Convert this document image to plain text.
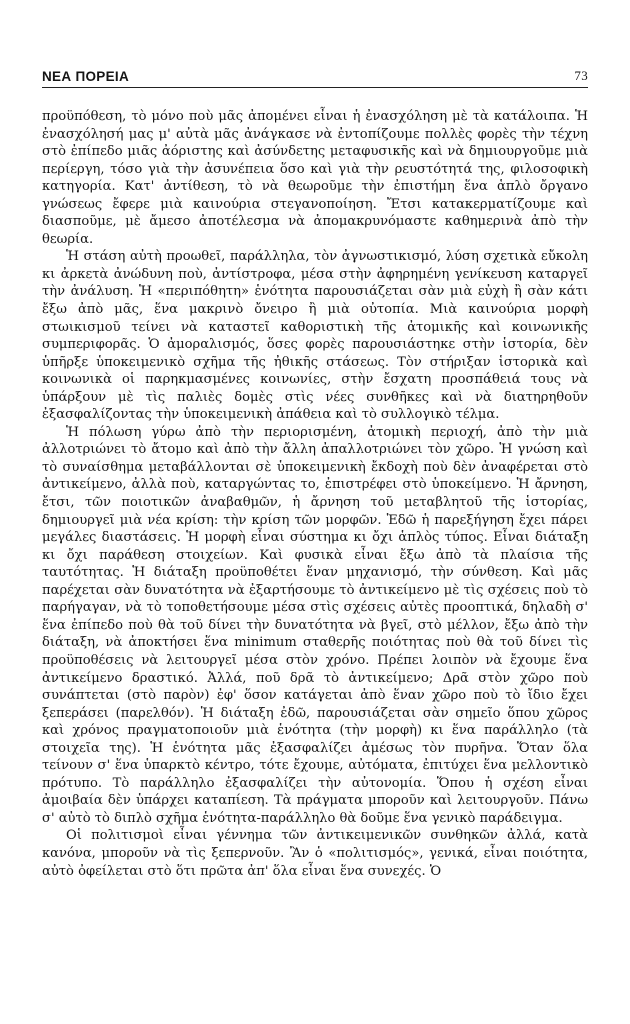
ΝΕΑ ΠΟΡΕΙΑ	73

προϋπόθεση, τὸ μόνο ποὺ μᾶς ἀπομένει εἶναι ἡ ἐνασχόληση μὲ τὰ κατάλοιπα. Ἡ ἐνασχόλησή μας μ' αὐτὰ μᾶς ἀνάγκασε νὰ ἐντοπίζουμε πολλὲς φορὲς τὴν τέχνη στὸ ἐπίπεδο μιᾶς ἀόριστης καὶ ἀσύνδετης μεταφυσικῆς καὶ νὰ δημιουργοῦμε μιὰ περίεργη, τόσο γιὰ τὴν ἀσυνέπεια ὅσο καὶ γιὰ τὴν ρευστότητά της, φιλοσοφικὴ κατηγορία. Κατ' ἀντίθεση, τὸ νὰ θεωροῦμε τὴν ἐπιστήμη ἕνα ἁπλὸ ὄργανο γνώσεως ἔφερε μιὰ καινούρια στεγανοποίηση. Ἔτσι κατακερματίζουμε καὶ διασποῦμε, μὲ ἄμεσο ἀποτέλεσμα νὰ ἀπομακρυνόμαστε καθημερινὰ ἀπὸ τὴν θεωρία.

Ἡ στάση αὐτὴ προωθεῖ, παράλληλα, τὸν ἀγνωστικισμό, λύση σχετικὰ εὔκολη κι ἀρκετὰ ἀνώδυνη ποὺ, ἀντίστροφα, μέσα στὴν ἀφηρημένη γενίκευση καταργεῖ τὴν ἀνάλυση. Ἡ «περιπόθητη» ἑνότητα παρουσιάζεται σὰν μιὰ εὐχὴ ἢ σὰν κάτι ἔξω ἀπὸ μᾶς, ἕνα μακρινὸ ὄνειρο ἢ μιὰ οὐτοπία. Μιὰ καινούρια μορφὴ στωικισμοῦ τείνει νὰ καταστεῖ καθοριστικὴ τῆς ἀτομικῆς καὶ κοινωνικῆς συμπεριφορᾶς. Ὁ ἀμοραλισμός, ὅσες φορὲς παρουσιάστηκε στὴν ἱστορία, δὲν ὑπῆρξε ὑποκειμενικὸ σχῆμα τῆς ἠθικῆς στάσεως. Τὸν στήριξαν ἱστορικὰ καὶ κοινωνικὰ οἱ παρηκμασμένες κοινωνίες, στὴν ἔσχατη προσπάθειά τους νὰ ὑπάρξουν μὲ τὶς παλιὲς δομὲς στὶς νέες συνθῆκες καὶ νὰ διατηρηθοῦν ἐξασφαλίζοντας τὴν ὑποκειμενικὴ ἀπάθεια καὶ τὸ συλλογικὸ τέλμα.

Ἡ πόλωση γύρω ἀπὸ τὴν περιορισμένη, ἀτομικὴ περιοχή, ἀπὸ τὴν μιὰ ἀλλοτριώνει τὸ ἄτομο καὶ ἀπὸ τὴν ἄλλη ἀπαλλοτριώνει τὸν χῶρο. Ἡ γνώση καὶ τὸ συναίσθημα μεταβάλλονται σὲ ὑποκειμενικὴ ἔκδοχὴ ποὺ δὲν ἀναφέρεται στὸ ἀντικείμενο, ἀλλὰ ποὺ, καταργώντας το, ἐπιστρέφει στὸ ὑποκείμενο. Ἡ ἄρνηση, ἔτσι, τῶν ποιοτικῶν ἀναβαθμῶν, ἡ ἄρνηση τοῦ μεταβλητοῦ τῆς ἱστορίας, δημιουργεῖ μιὰ νέα κρίση: τὴν κρίση τῶν μορφῶν. Ἐδῶ ἡ παρεξήγηση ἔχει πάρει μεγάλες διαστάσεις. Ἡ μορφὴ εἶναι σύστημα κι ὄχι ἁπλὸς τύπος. Εἶναι διάταξη κι ὄχι παράθεση στοιχείων. Καὶ φυσικὰ εἶναι ἔξω ἀπὸ τὰ πλαίσια τῆς ταυτότητας. Ἡ διάταξη προϋποθέτει ἕναν μηχανισμό, τὴν σύνθεση. Καὶ μᾶς παρέχεται σὰν δυνατότητα νὰ ἐξαρτήσουμε τὸ ἀντικείμενο μὲ τὶς σχέσεις ποὺ τὸ παρήγαγαν, νὰ τὸ τοποθετήσουμε μέσα στὶς σχέσεις αὐτὲς προοπτικά, δηλαδὴ σ' ἕνα ἐπίπεδο ποὺ θὰ τοῦ δίνει τὴν δυνατότητα νὰ βγεῖ, στὸ μέλλον, ἔξω ἀπὸ τὴν διάταξη, νὰ ἀποκτήσει ἕνα minimum σταθερῆς ποιότητας ποὺ θὰ τοῦ δίνει τὶς προϋποθέσεις νὰ λειτουργεῖ μέσα στὸν χρόνο. Πρέπει λοιπὸν νὰ ἔχουμε ἕνα ἀντικείμενο δραστικό. Ἀλλά, ποῦ δρᾶ τὸ ἀντικείμενο; Δρᾶ στὸν χῶρο ποὺ συνάπτεται (στὸ παρὸν) ἐφ' ὅσον κατάγεται ἀπὸ ἕναν χῶρο ποὺ τὸ ἴδιο ἔχει ξεπεράσει (παρελθόν). Ἡ διάταξη ἐδῶ, παρουσιάζεται σὰν σημεῖο ὅπου χῶρος καὶ χρόνος πραγματοποιοῦν μιὰ ἑνότητα (τὴν μορφὴ) κι ἕνα παράλληλο (τὰ στοιχεῖα της). Ἡ ἑνότητα μᾶς ἐξασφαλίζει ἀμέσως τὸν πυρῆνα. Ὅταν ὅλα τείνουν σ' ἕνα ὑπαρκτὸ κέντρο, τότε ἔχουμε, αὐτόματα, ἐπιτύχει ἕνα μελλοντικὸ πρότυπο. Τὸ παράλληλο ἐξασφαλίζει τὴν αὐτονομία. Ὅπου ἡ σχέση εἶναι ἀμοιβαία δὲν ὑπάρχει καταπίεση. Τὰ πράγματα μποροῦν καὶ λειτουργοῦν. Πάνω σ' αὐτὸ τὸ διπλὸ σχῆμα ἑνότητα-παράλληλο θὰ δοῦμε ἕνα γενικὸ παράδειγμα.

Οἱ πολιτισμοὶ εἶναι γέννημα τῶν ἀντικειμενικῶν συνθηκῶν ἀλλά, κατὰ κανόνα, μποροῦν νὰ τὶς ξεπερνοῦν. Ἂν ὁ «πολιτισμός», γενικά, εἶναι ποιότητα, αὐτὸ ὀφείλεται στὸ ὅτι πρῶτα ἀπ' ὅλα εἶναι ἕνα συνεχές. Ὁ
